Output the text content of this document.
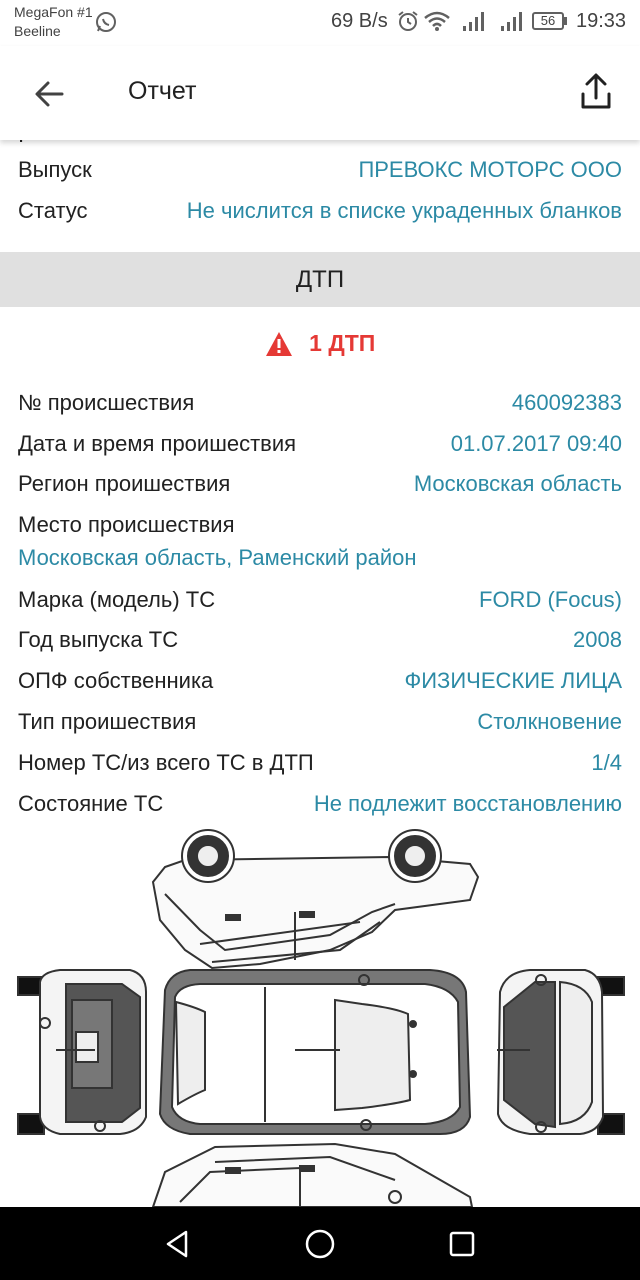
MegaFon #1
Beeline	69 B/s	56	19:33
Отчет
Выпуск	ПРЕВОКС МОТОРС ООО
Статус	Не числится в списке украденных бланков
ДТП
1 ДТП
№ происшествия	460092383
Дата и время проишествия	01.07.2017 09:40
Регион проишествия	Московская область
Место происшествия
Московская область, Раменский район
Марка (модель) ТС	FORD (Focus)
Год выпуска ТС	2008
ОПФ собственника	ФИЗИЧЕСКИЕ ЛИЦА
Тип проишествия	Столкновение
Номер ТС/из всего ТС в ДТП	1/4
Состояние ТС	Не подлежит восстановлению
